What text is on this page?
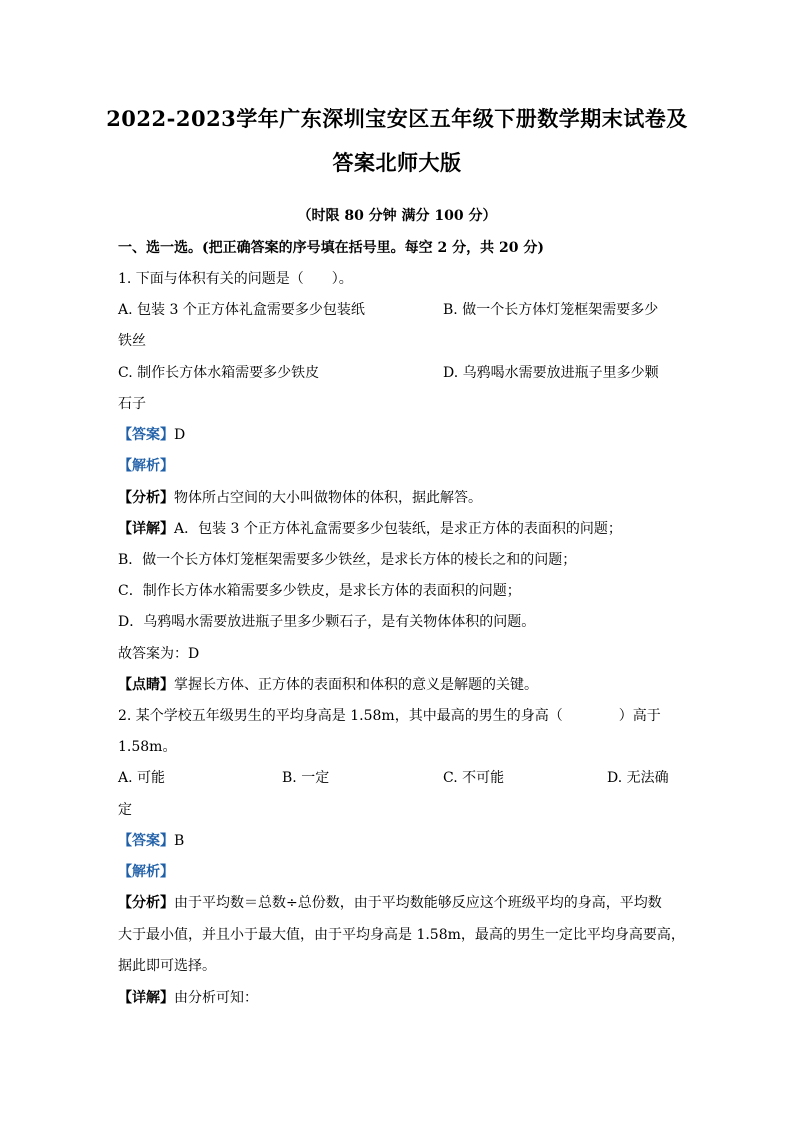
2022-2023学年广东深圳宝安区五年级下册数学期末试卷及
答案北师大版
（时限 80 分钟 满分 100 分）
一、选一选。(把正确答案的序号填在括号里。每空 2 分，共 20 分)
1. 下面与体积有关的问题是（　　）。
A. 包装 3 个正方体礼盒需要多少包装纸	B. 做一个长方体灯笼框架需要多少
铁丝
C. 制作长方体水箱需要多少铁皮	D. 乌鸦喝水需要放进瓶子里多少颗
石子
【答案】D
【解析】
【分析】物体所占空间的大小叫做物体的体积，据此解答。
【详解】A．包装 3 个正方体礼盒需要多少包装纸，是求正方体的表面积的问题；
B．做一个长方体灯笼框架需要多少铁丝，是求长方体的棱长之和的问题；
C．制作长方体水箱需要多少铁皮，是求长方体的表面积的问题；
D．乌鸦喝水需要放进瓶子里多少颗石子，是有关物体体积的问题。
故答案为：D
【点睛】掌握长方体、正方体的表面积和体积的意义是解题的关键。
2. 某个学校五年级男生的平均身高是 1.58m，其中最高的男生的身高（　　　　）高于
1.58m。
A. 可能	B. 一定	C. 不可能	D. 无法确
定
【答案】B
【解析】
【分析】由于平均数＝总数÷总份数，由于平均数能够反应这个班级平均的身高，平均数
大于最小值，并且小于最大值，由于平均身高是 1.58m，最高的男生一定比平均身高要高，
据此即可选择。
【详解】由分析可知：
